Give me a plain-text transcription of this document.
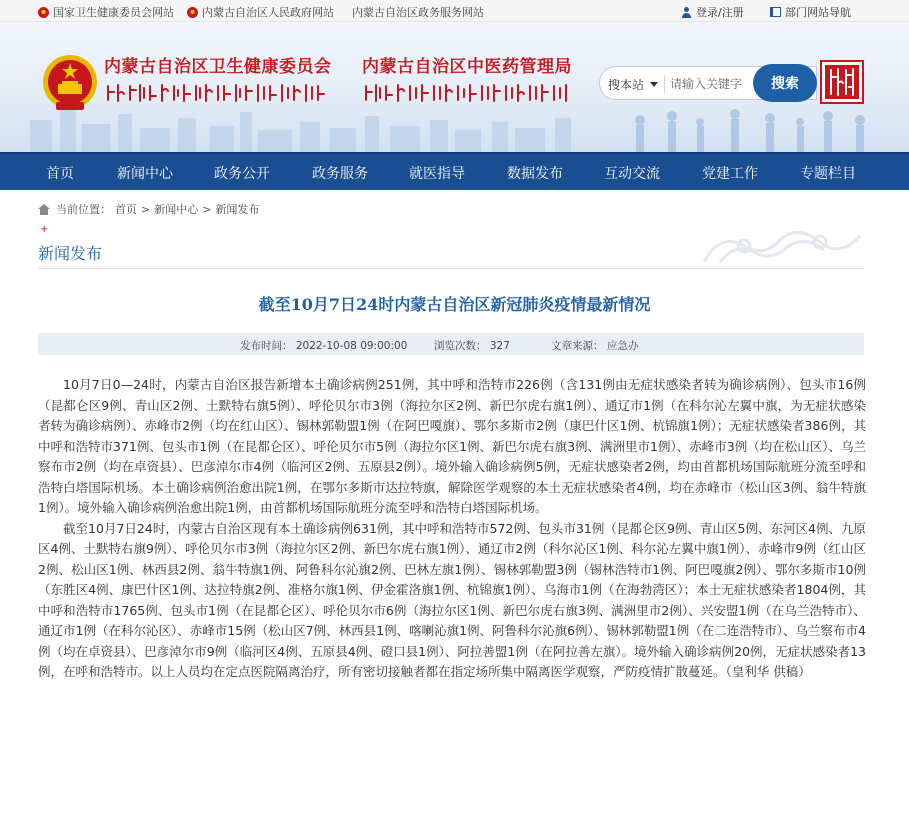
国家卫生健康委员会网站	内蒙古自治区人民政府网站 内蒙古自治区政务服务网站	登录/注册	部门网站导航
内蒙古自治区卫生健康委员会 内蒙古自治区中医药管理局
搜本站
请输入关键字	搜索
首页	新闻中心	政务公开	政务服务	就医指导	数据发布	互动交流	党建工作	专题栏目
当前位置： 首页 > 新闻中心 > 新闻发布
+
新闻发布
截至10月7日24时内蒙古自治区新冠肺炎疫情最新情况
发布时间： 2022-10-08 09:00:00	浏览次数： 327	文章来源： 应急办

10月7日0—24时，内蒙古自治区报告新增本土确诊病例251例，其中呼和浩特市226例（含131例由无症状感染者转为确诊病例）、包头市16例（昆都仑区9例、青山区2例、土默特右旗5例）、呼伦贝尔市3例（海拉尔区2例、新巴尔虎右旗1例）、通辽市1例（在科尔沁左翼中旗，为无症状感染者转为确诊病例）、赤峰市2例（均在红山区）、锡林郭勒盟1例（在阿巴嘎旗）、鄂尔多斯市2例（康巴什区1例、杭锦旗1例）；无症状感染者386例，其中呼和浩特市371例、包头市1例（在昆都仑区）、呼伦贝尔市5例（海拉尔区1例、新巴尔虎右旗3例、满洲里市1例）、赤峰市3例（均在松山区）、乌兰察布市2例（均在卓资县）、巴彦淖尔市4例（临河区2例、五原县2例）。境外输入确诊病例5例，无症状感染者2例，均由首都机场国际航班分流至呼和浩特白塔国际机场。本土确诊病例治愈出院1例，在鄂尔多斯市达拉特旗，解除医学观察的本土无症状感染者4例，均在赤峰市（松山区3例、翁牛特旗1例）。境外输入确诊病例治愈出院1例，由首都机场国际航班分流至呼和浩特白塔国际机场。

截至10月7日24时，内蒙古自治区现有本土确诊病例631例，其中呼和浩特市572例、包头市31例（昆都仑区9例、青山区5例、东河区4例、九原区4例、土默特右旗9例）、呼伦贝尔市3例（海拉尔区2例、新巴尔虎右旗1例）、通辽市2例（科尔沁区1例、科尔沁左翼中旗1例）、赤峰市9例（红山区2例、松山区1例、林西县2例、翁牛特旗1例、阿鲁科尔沁旗2例、巴林左旗1例）、锡林郭勒盟3例（锡林浩特市1例、阿巴嘎旗2例）、鄂尔多斯市10例（东胜区4例、康巴什区1例、达拉特旗2例、准格尔旗1例、伊金霍洛旗1例、杭锦旗1例）、乌海市1例（在海勃湾区）；本土无症状感染者1804例，其中呼和浩特市1765例、包头市1例（在昆都仑区）、呼伦贝尔市6例（海拉尔区1例、新巴尔虎右旗3例、满洲里市2例）、兴安盟1例（在乌兰浩特市）、通辽市1例（在科尔沁区）、赤峰市15例（松山区7例、林西县1例、喀喇沁旗1例、阿鲁科尔沁旗6例）、锡林郭勒盟1例（在二连浩特市）、乌兰察布市4例（均在卓资县）、巴彦淖尔市9例（临河区4例、五原县4例、磴口县1例）、阿拉善盟1例（在阿拉善左旗）。境外输入确诊病例20例，无症状感染者13例，在呼和浩特市。以上人员均在定点医院隔离治疗，所有密切接触者都在指定场所集中隔离医学观察，严防疫情扩散蔓延。（皇利华 供稿）
